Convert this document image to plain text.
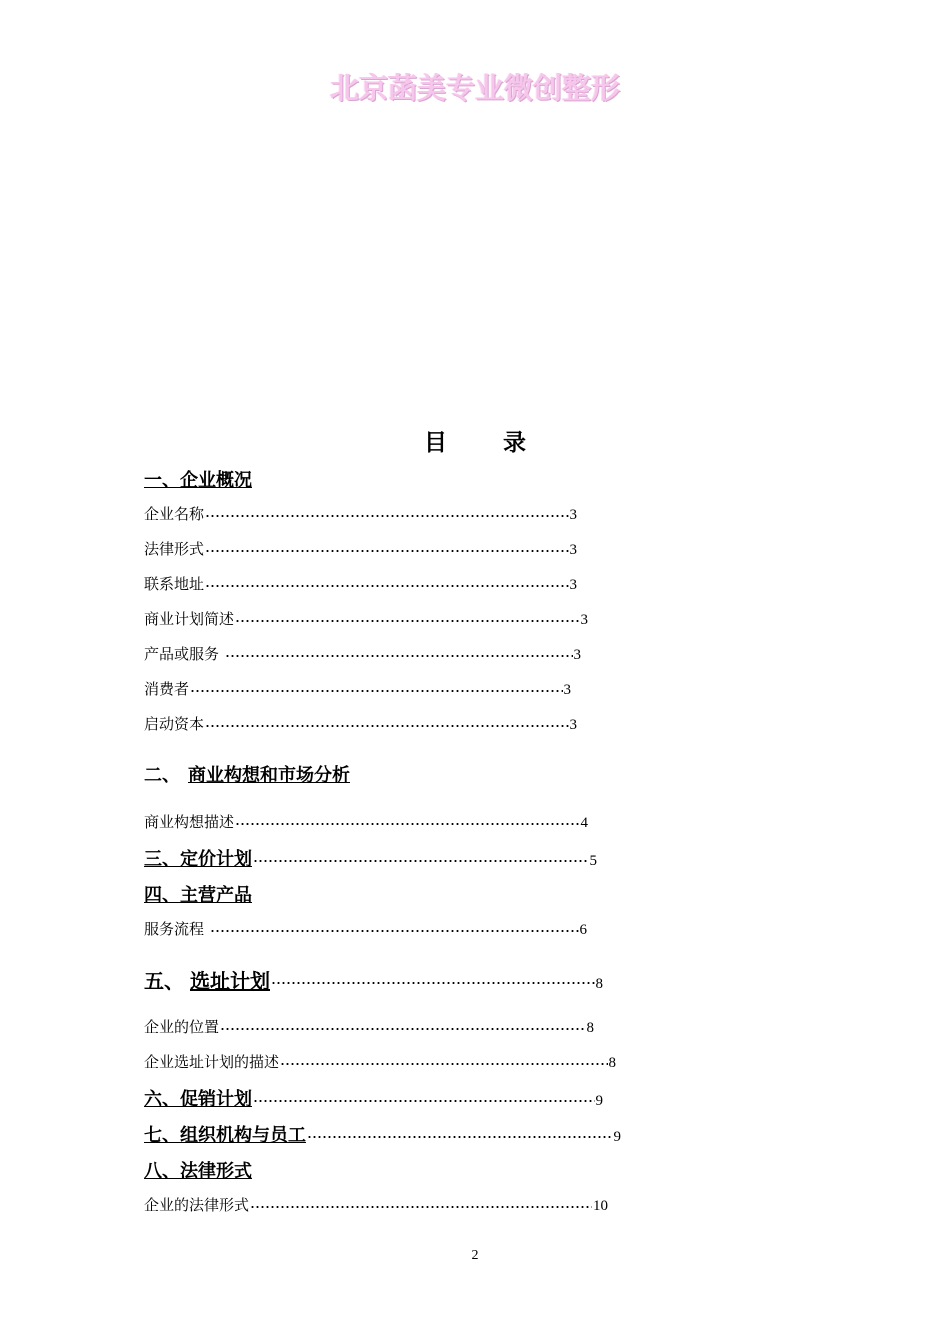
北京菡美专业微创整形
目 录
一、 企业概况
企业名称	3
法律形式	3
联系地址	3
商业计划简述	3
产品或服务	3
消费者	3
启动资本	3
二、 商业构想和市场分析
商业构想描述	4
三、 定价计划	5
四、 主营产品
服务流程	6
五、 选址计划	8
企业的位置	8
企业选址计划的描述	8
六、 促销计划	9
七、 组织机构与员工	9
八、 法律形式
企业的法律形式	10
2
